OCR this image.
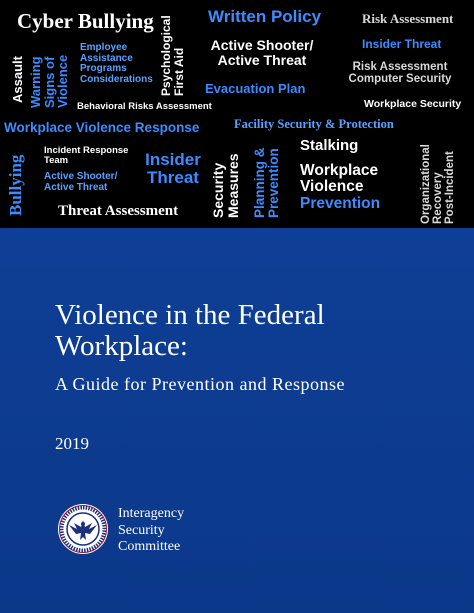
Cyber Bullying
Employee
Assistance
Programs
Considerations Psychological
First Aid
Written Policy	Risk Assessment
Assault Warning
Signs of
Violence
Active Shooter/
Active Threat
Insider Threat
Risk Assessment
Computer Security
Evacuation Plan
Behavioral Risks Assessment	Workplace Security
Workplace Violence Response	Facility Security & Protection
Bullying
Incident Response
Team
Active Shooter/
Active Threat
Insider
Threat Security
Measures Planning & Prevention
Stalking
Workplace
Violence
Prevention	Organizational Recovery Post-Incident
Threat Assessment
Violence in the Federal
Workplace:
A Guide for Prevention and Response
2019
Interagency
Security
Committee
